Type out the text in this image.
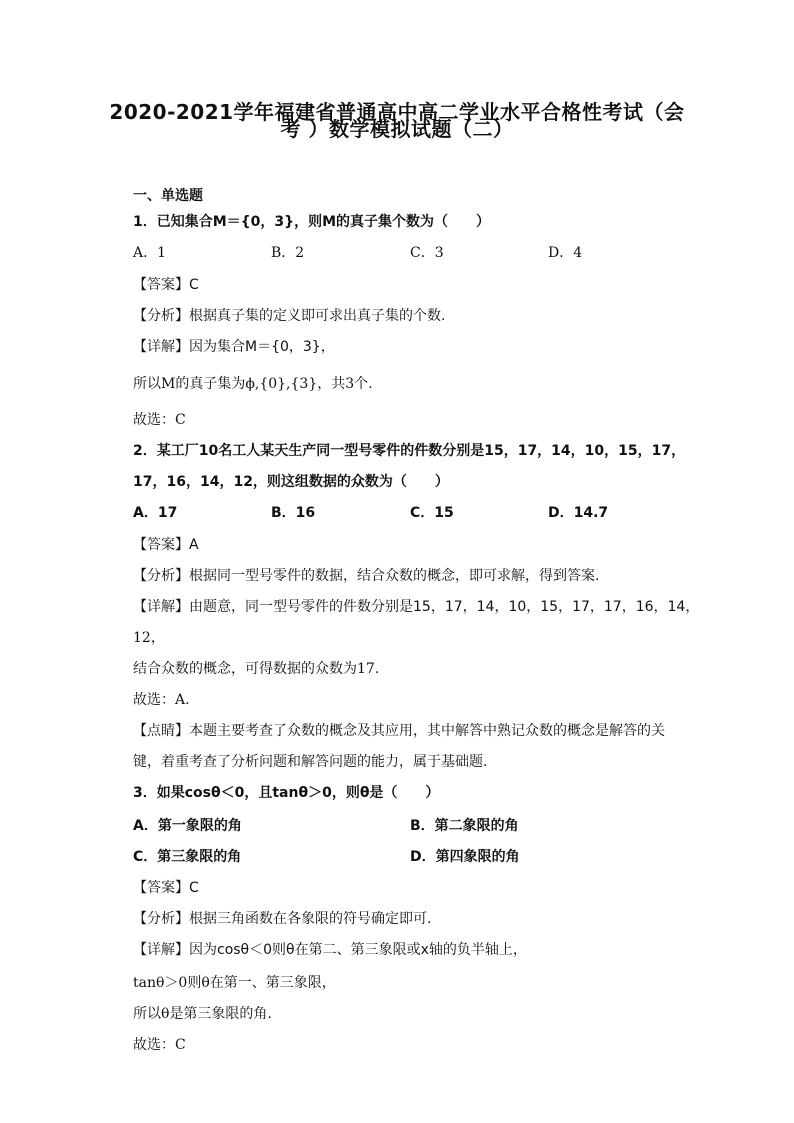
2020-2021学年福建省普通高中高二学业水平合格性考试（会
考 ）数学模拟试题（二）
一、单选题
1．已知集合M＝{0，3}，则M的真子集个数为（　　）
A．1	B．2	C．3	D．4
【答案】C
【分析】根据真子集的定义即可求出真子集的个数.
【详解】因为集合M＝{0，3}，
所以M的真子集为ϕ,{0},{3}，共3个.
故选：C
2．某工厂10名工人某天生产同一型号零件的件数分别是15，17，14，10，15，17，
17，16，14，12，则这组数据的众数为（　　）
A．17	B．16	C．15	D．14.7
【答案】A
【分析】根据同一型号零件的数据，结合众数的概念，即可求解，得到答案.
【详解】由题意，同一型号零件的件数分别是15，17，14，10，15，17，17，16，14，
12，
结合众数的概念，可得数据的众数为17.
故选：A.
【点睛】本题主要考查了众数的概念及其应用，其中解答中熟记众数的概念是解答的关
键，着重考查了分析问题和解答问题的能力，属于基础题.
3．如果cosθ＜0，且tanθ＞0，则θ是（　　）
A．第一象限的角	B．第二象限的角
C．第三象限的角	D．第四象限的角
【答案】C
【分析】根据三角函数在各象限的符号确定即可.
【详解】因为cosθ＜0则θ在第二、第三象限或x轴的负半轴上，
tanθ＞0则θ在第一、第三象限，
所以θ是第三象限的角.
故选：C
